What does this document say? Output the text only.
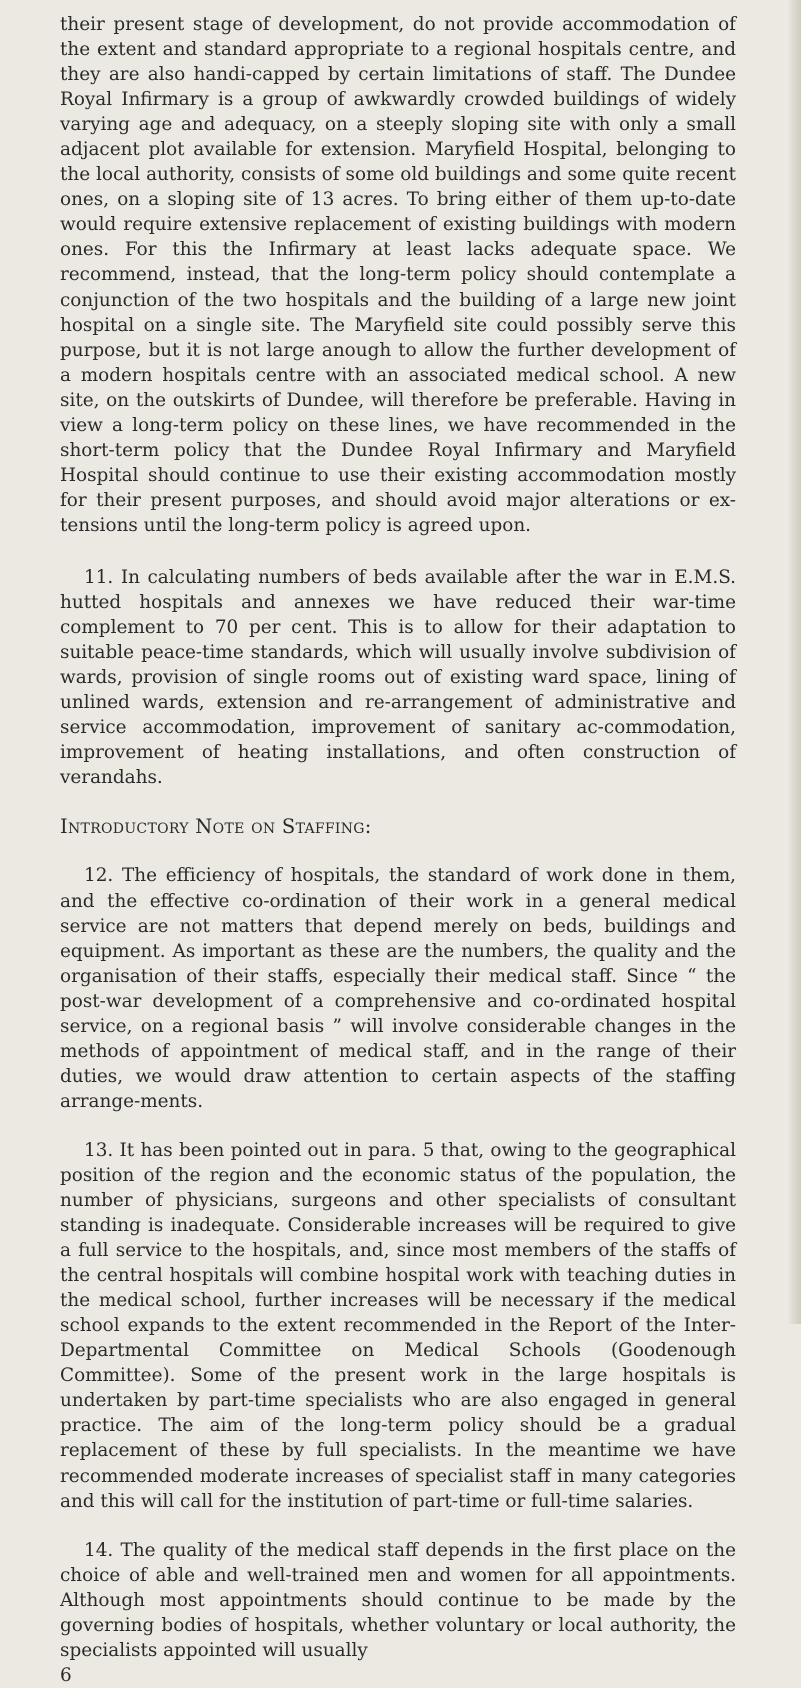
their present stage of development, do not provide accommodation of the extent and standard appropriate to a regional hospitals centre, and they are also handi-capped by certain limitations of staff. The Dundee Royal Infirmary is a group of awkwardly crowded buildings of widely varying age and adequacy, on a steeply sloping site with only a small adjacent plot available for extension. Maryfield Hospital, belonging to the local authority, consists of some old buildings and some quite recent ones, on a sloping site of 13 acres. To bring either of them up-to-date would require extensive replacement of existing buildings with modern ones. For this the Infirmary at least lacks adequate space. We recommend, instead, that the long-term policy should contemplate a conjunction of the two hospitals and the building of a large new joint hospital on a single site. The Maryfield site could possibly serve this purpose, but it is not large anough to allow the further development of a modern hospitals centre with an associated medical school. A new site, on the outskirts of Dundee, will therefore be preferable. Having in view a long-term policy on these lines, we have recommended in the short-term policy that the Dundee Royal Infirmary and Maryfield Hospital should continue to use their existing accommodation mostly for their present purposes, and should avoid major alterations or ex-tensions until the long-term policy is agreed upon.

11. In calculating numbers of beds available after the war in E.M.S. hutted hospitals and annexes we have reduced their war-time complement to 70 per cent. This is to allow for their adaptation to suitable peace-time standards, which will usually involve subdivision of wards, provision of single rooms out of existing ward space, lining of unlined wards, extension and re-arrangement of administrative and service accommodation, improvement of sanitary ac-commodation, improvement of heating installations, and often construction of verandahs.

Introductory Note on Staffing:

12. The efficiency of hospitals, the standard of work done in them, and the effective co-ordination of their work in a general medical service are not matters that depend merely on beds, buildings and equipment. As important as these are the numbers, the quality and the organisation of their staffs, especially their medical staff. Since “ the post-war development of a comprehensive and co-ordinated hospital service, on a regional basis ” will involve considerable changes in the methods of appointment of medical staff, and in the range of their duties, we would draw attention to certain aspects of the staffing arrange-ments.

13. It has been pointed out in para. 5 that, owing to the geographical position of the region and the economic status of the population, the number of physicians, surgeons and other specialists of consultant standing is inadequate. Considerable increases will be required to give a full service to the hospitals, and, since most members of the staffs of the central hospitals will combine hospital work with teaching duties in the medical school, further increases will be necessary if the medical school expands to the extent recommended in the Report of the Inter-Departmental Committee on Medical Schools (Goodenough Committee). Some of the present work in the large hospitals is undertaken by part-time specialists who are also engaged in general practice. The aim of the long-term policy should be a gradual replacement of these by full specialists. In the meantime we have recommended moderate increases of specialist staff in many categories and this will call for the institution of part-time or full-time salaries.

14. The quality of the medical staff depends in the first place on the choice of able and well-trained men and women for all appointments. Although most appointments should continue to be made by the governing bodies of hospitals, whether voluntary or local authority, the specialists appointed will usually

6
